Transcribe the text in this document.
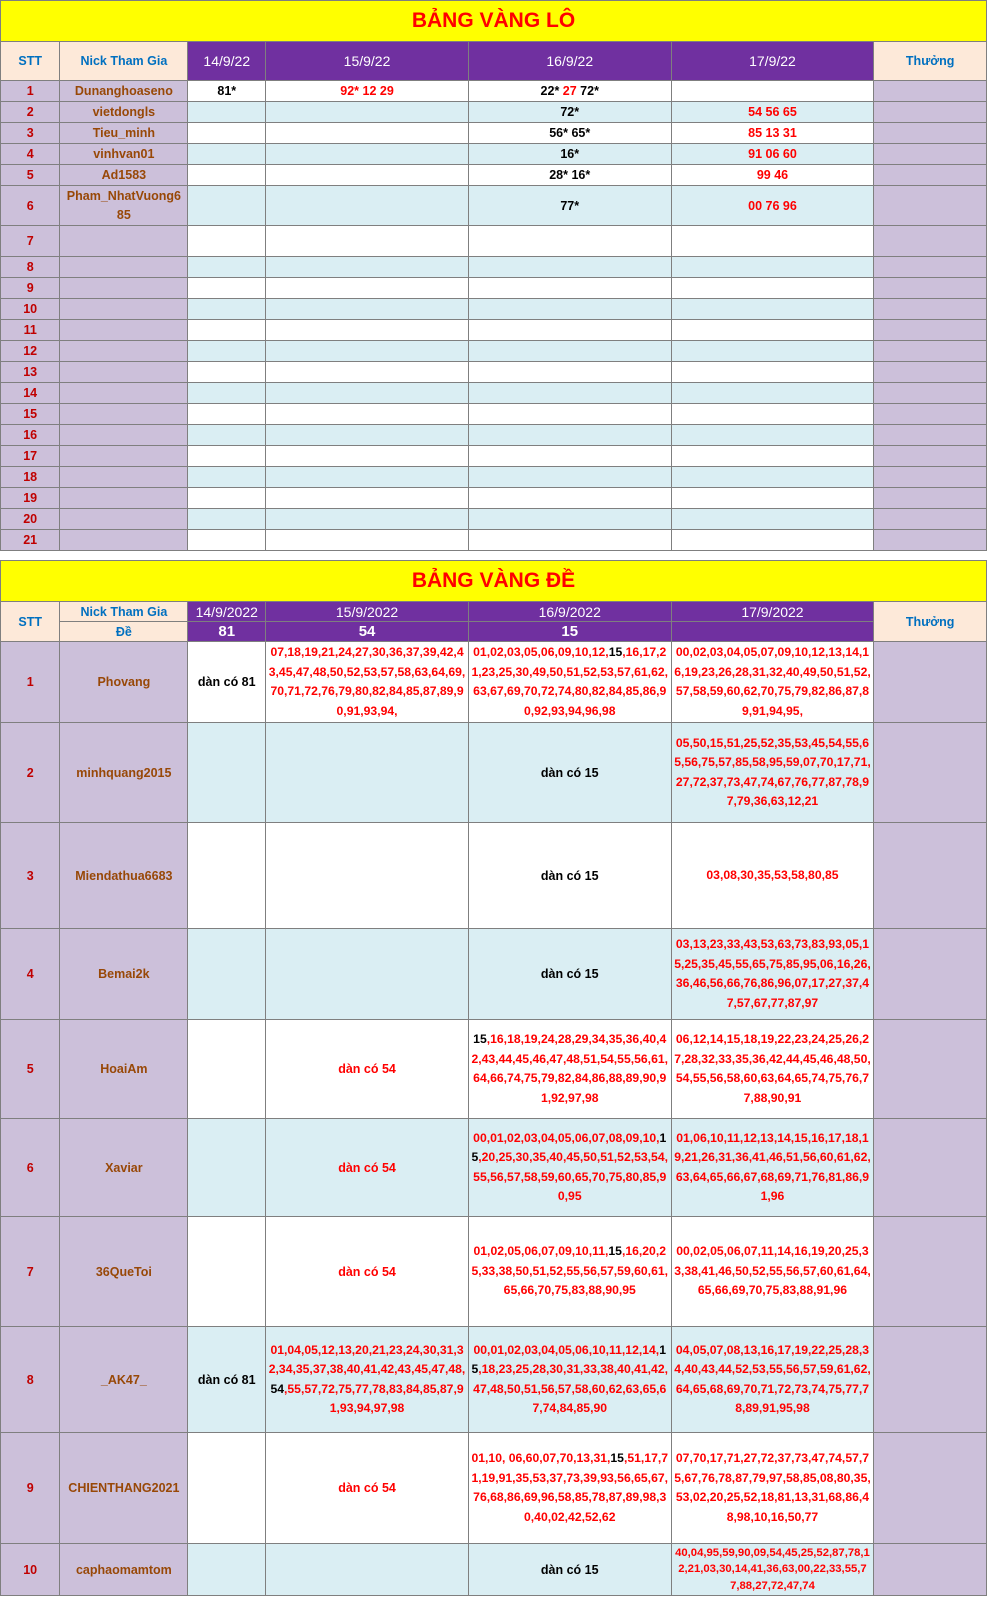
BẢNG VÀNG LÔ
STT	Nick Tham Gia	14/9/22	15/9/22	16/9/22	17/9/22	Thưởng
1	Dunanghoaseno	81*	92* 12 29	22* 27 72*		
2	vietdongls			72*	54 56 65	
3	Tieu_minh			56* 65*	85 13 31	
4	vinhvan01			16*	91 06 60	
5	Ad1583			28* 16*	99 46	
6	Pham_NhatVuong685			77*	00 76 96	
7						
8						
9						
10						
11						
12						
13						
14						
15						
16						
17						
18						
19						
20						
21						
BẢNG VÀNG ĐỀ
STT	Nick Tham Gia	14/9/2022	15/9/2022	16/9/2022	17/9/2022	Thưởng
	Đề	81	54	15		
1	Phovang	dàn có 81	07,18,19,21,24,27,30,36,37,39,42,43,45,47,48,50,52,53,57,58,63,64,69,70,71,72,76,79,80,82,84,85,87,89,90,91,93,94,	01,02,03,05,06,09,10,12,15,16,17,21,23,25,30,49,50,51,52,53,57,61,62,63,67,69,70,72,74,80,82,84,85,86,90,92,93,94,96,98	00,02,03,04,05,07,09,10,12,13,14,16,19,23,26,28,31,32,40,49,50,51,52,57,58,59,60,62,70,75,79,82,86,87,89,91,94,95,	
2	minhquang2015			dàn có 15	05,50,15,51,25,52,35,53,45,54,55,65,56,75,57,85,58,95,59,07,70,17,71,27,72,37,73,47,74,67,76,77,87,78,97,79,36,63,12,21	
3	Miendathua6683			dàn có 15	03,08,30,35,53,58,80,85	
4	Bemai2k			dàn có 15	03,13,23,33,43,53,63,73,83,93,05,15,25,35,45,55,65,75,85,95,06,16,26,36,46,56,66,76,86,96,07,17,27,37,47,57,67,77,87,97	
5	HoaiAm		dàn có 54	15,16,18,19,24,28,29,34,35,36,40,42,43,44,45,46,47,48,51,54,55,56,61,64,66,74,75,79,82,84,86,88,89,90,91,92,97,98	06,12,14,15,18,19,22,23,24,25,26,27,28,32,33,35,36,42,44,45,46,48,50,54,55,56,58,60,63,64,65,74,75,76,77,88,90,91	
6	Xaviar		dàn có 54	00,01,02,03,04,05,06,07,08,09,10,15,20,25,30,35,40,45,50,51,52,53,54,55,56,57,58,59,60,65,70,75,80,85,90,95	01,06,10,11,12,13,14,15,16,17,18,19,21,26,31,36,41,46,51,56,60,61,62,63,64,65,66,67,68,69,71,76,81,86,91,96	
7	36QueToi		dàn có 54	01,02,05,06,07,09,10,11,15,16,20,25,33,38,50,51,52,55,56,57,59,60,61,65,66,70,75,83,88,90,95	00,02,05,06,07,11,14,16,19,20,25,33,38,41,46,50,52,55,56,57,60,61,64,65,66,69,70,75,83,88,91,96	
8	_AK47_	dàn có 81	01,04,05,12,13,20,21,23,24,30,31,32,34,35,37,38,40,41,42,43,45,47,48,54,55,57,72,75,77,78,83,84,85,87,91,93,94,97,98	00,01,02,03,04,05,06,10,11,12,14,15,18,23,25,28,30,31,33,38,40,41,42,47,48,50,51,56,57,58,60,62,63,65,67,74,84,85,90	04,05,07,08,13,16,17,19,22,25,28,34,40,43,44,52,53,55,56,57,59,61,62,64,65,68,69,70,71,72,73,74,75,77,78,89,91,95,98	
9	CHIENTHANG2021		dàn có 54	01,10, 06,60,07,70,13,31,15,51,17,71,19,91,35,53,37,73,39,93,56,65,67,76,68,86,69,96,58,85,78,87,89,98,30,40,02,42,52,62	07,70,17,71,27,72,37,73,47,74,57,75,67,76,78,87,79,97,58,85,08,80,35,53,02,20,25,52,18,81,13,31,68,86,48,98,10,16,50,77	
10	caphaomamtom			dàn có 15	40,04,95,59,90,09,54,45,25,52,87,78,12,21,03,30,14,41,36,63,00,22,33,55,77,88,27,72,47,74	
